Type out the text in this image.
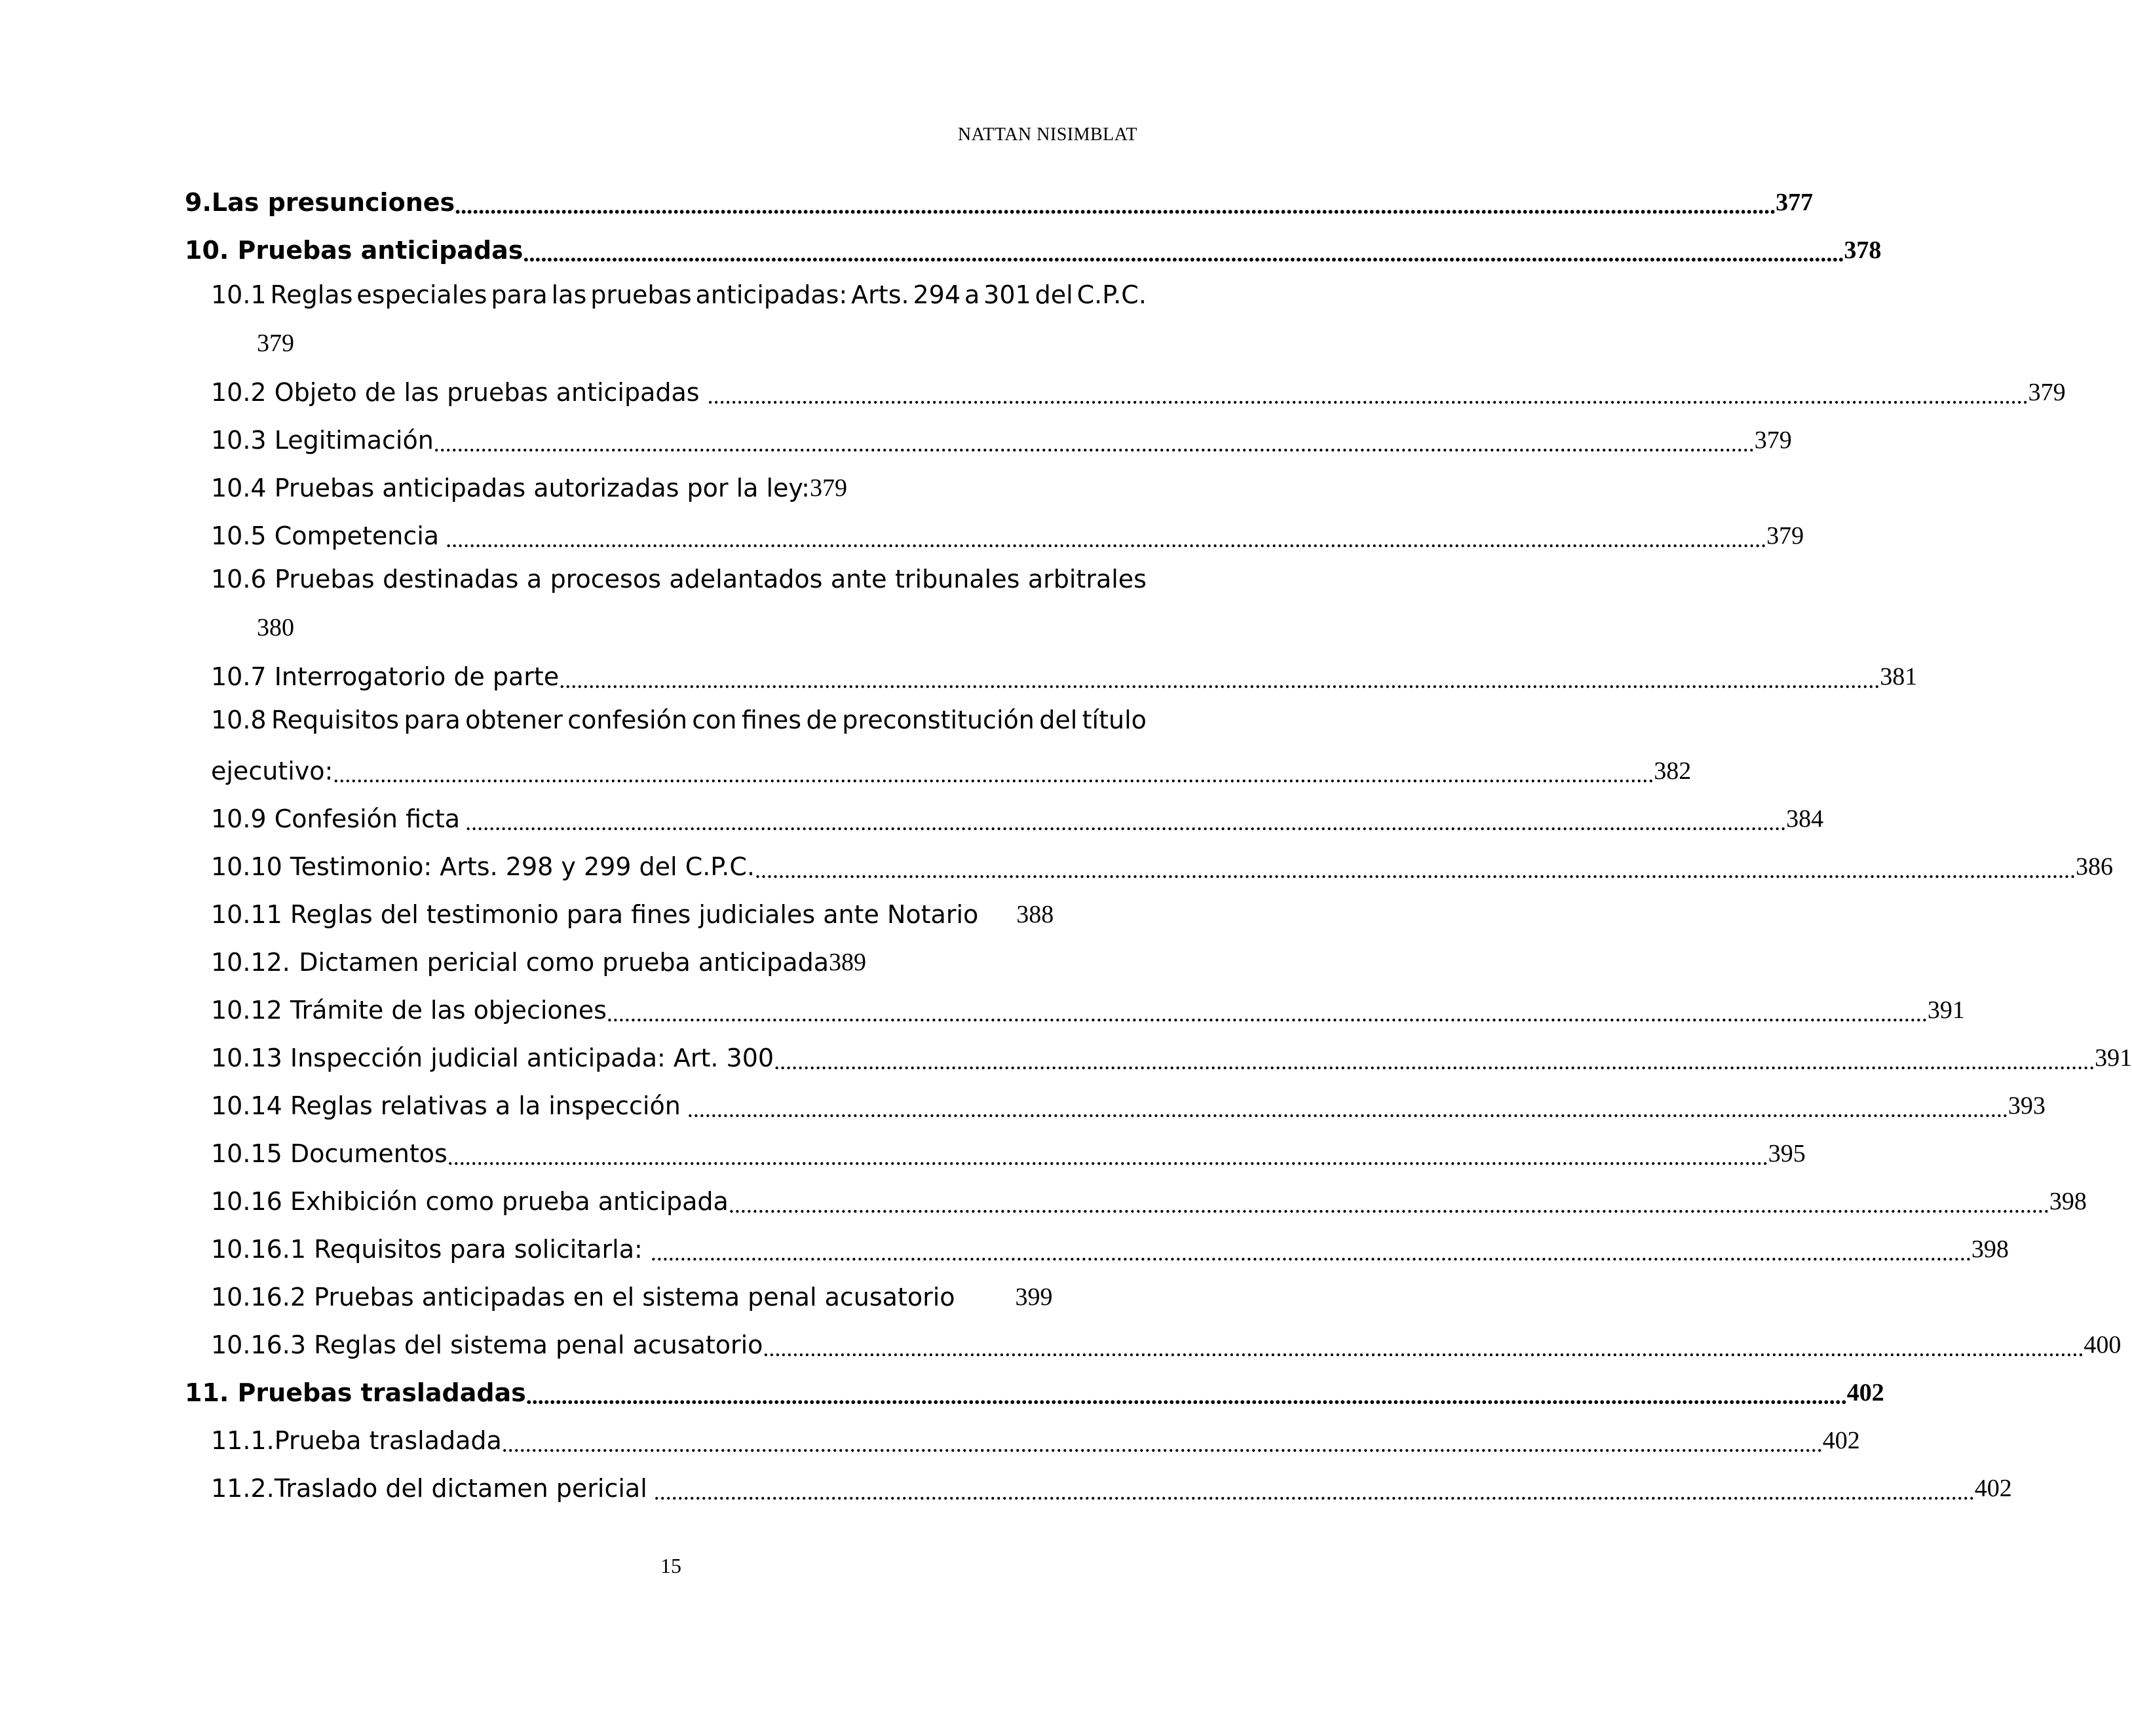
NATTAN NISIMBLAT
9. Las presunciones .....	377
10. Pruebas anticipadas .....	378
10.1 Reglas especiales para las pruebas anticipadas: Arts. 294 a 301 del C.P.C.
379
10.2 Objeto de las pruebas anticipadas .....	379
10.3 Legitimación .....	379
10.4 Pruebas anticipadas autorizadas por la ley: 379
10.5 Competencia .....	379
10.6 Pruebas destinadas a procesos adelantados ante tribunales arbitrales
380
10.7 Interrogatorio de parte .....	381
10.8 Requisitos para obtener confesión con fines de preconstitución del título
ejecutivo: .....	382
10.9 Confesión ficta .....	384
10.10 Testimonio: Arts. 298 y 299 del C.P.C. .....	386
10.11 Reglas del testimonio para fines judiciales ante Notario 388
10.12. Dictamen pericial como prueba anticipada 389
10.12 Trámite de las objeciones .....	391
10.13 Inspección judicial anticipada: Art. 300 .....	391
10.14 Reglas relativas a la inspección .....	393
10.15 Documentos .....	395
10.16 Exhibición como prueba anticipada .....	398
10.16.1 Requisitos para solicitarla: .....	398
10.16.2 Pruebas anticipadas en el sistema penal acusatorio 399
10.16.3 Reglas del sistema penal acusatorio .....	400
11. Pruebas trasladadas .....	402
11.1. Prueba trasladada .....	402
11.2. Traslado del dictamen pericial .....	402
15
